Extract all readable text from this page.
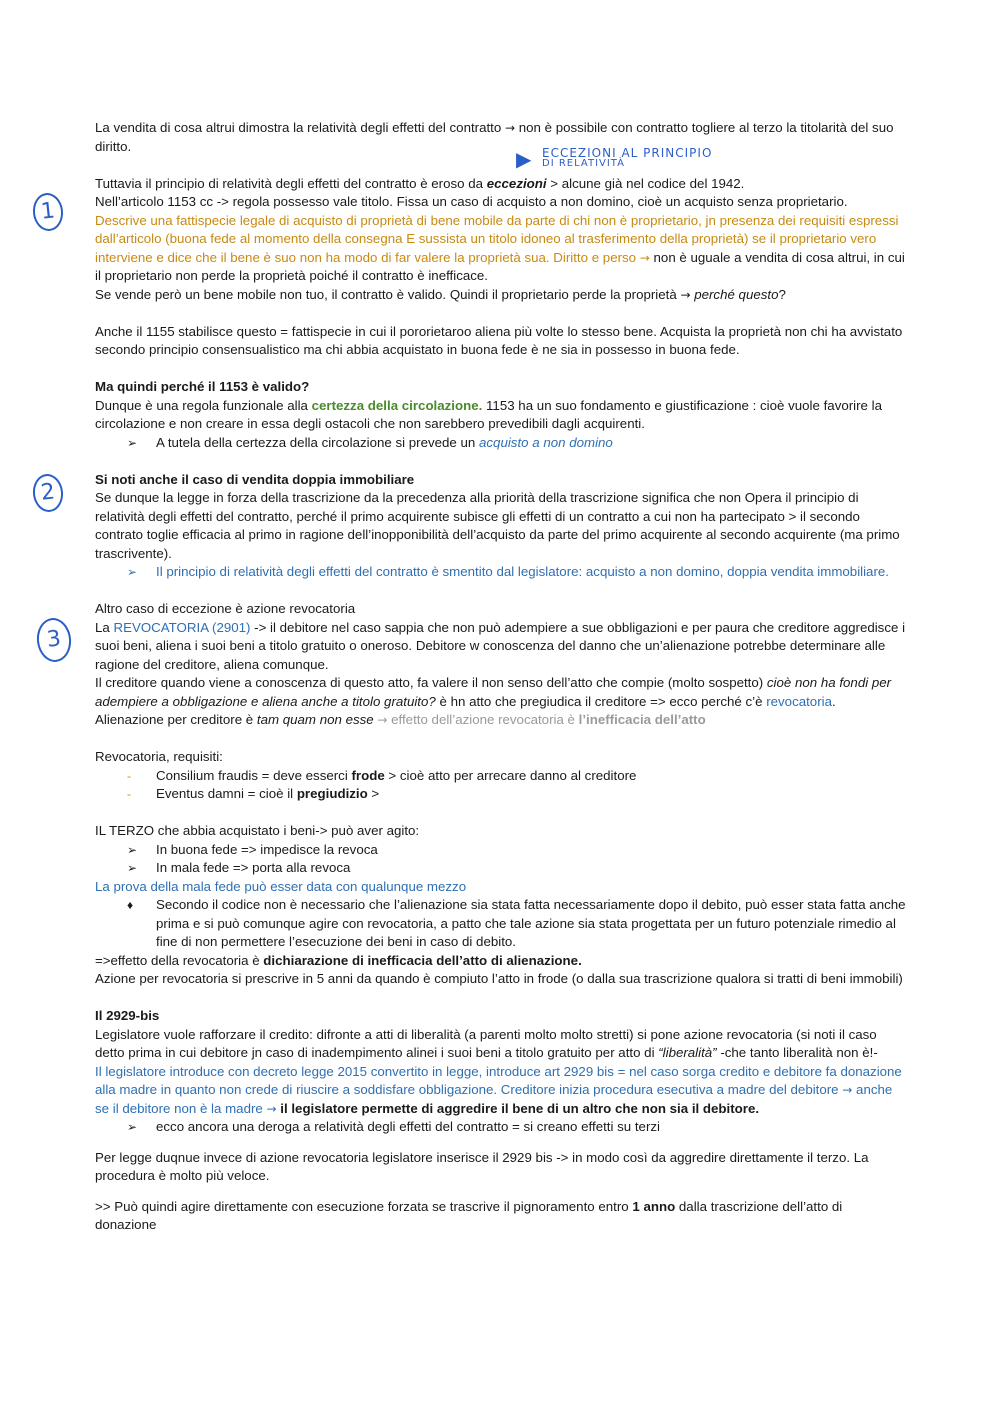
▶ ECCEZIONI AL PRINCIPIO
DI RELATIVITÀ
1
2
3

La vendita di cosa altrui dimostra la relatività degli effetti del contratto → non è possibile con contratto togliere al terzo la titolarità del suo diritto.

Tuttavia il principio di relatività degli effetti del contratto è eroso da eccezioni > alcune già nel codice del 1942.

Nell’articolo 1153 cc -> regola possesso vale titolo. Fissa un caso di acquisto a non domino, cioè un acquisto senza proprietario.

Descrive una fattispecie legale di acquisto di proprietà di bene mobile da parte di chi non è proprietario, jn presenza dei requisiti espressi dall’articolo (buona fede al momento della consegna E sussista un titolo idoneo al trasferimento della proprietà) se il proprietario vero interviene e dice che il bene è suo non ha modo di far valere la proprietà sua. Diritto e perso → non è uguale a vendita di cosa altrui, in cui il proprietario non perde la proprietà poiché il contratto è inefficace.

Se vende però un bene mobile non tuo, il contratto è valido. Quindi il proprietario perde la proprietà → perché questo?

Anche il 1155 stabilisce questo = fattispecie in cui il pororietaroo aliena più volte lo stesso bene. Acquista la proprietà non chi ha avvistato secondo principio consensualistico ma chi abbia acquistato in buona fede è ne sia in possesso in buona fede.

Ma quindi perché il 1153 è valido?

Dunque è una regola funzionale alla certezza della circolazione. 1153 ha un suo fondamento e giustificazione : cioè vuole favorire la circolazione e non creare in essa degli ostacoli che non sarebbero prevedibili dagli acquirenti.

➢ A tutela della certezza della circolazione si prevede un acquisto a non domino

Si noti anche il caso di vendita doppia immobiliare

Se dunque la legge in forza della trascrizione da la precedenza alla priorità della trascrizione significa che non Opera il principio di relatività degli effetti del contratto, perché il primo acquirente subisce gli effetti di un contratto a cui non ha partecipato > il secondo contrato toglie efficacia al primo in ragione dell’inopponibilità dell’acquisto da parte del primo acquirente al secondo acquirente (ma primo trascrivente).

➢ Il principio di relatività degli effetti del contratto è smentito dal legislatore: acquisto a non domino, doppia vendita immobiliare.

Altro caso di eccezione è azione revocatoria

La REVOCATORIA (2901) -> il debitore nel caso sappia che non può adempiere a sue obbligazioni e per paura che creditore aggredisce i suoi beni, aliena i suoi beni a titolo gratuito o oneroso. Debitore w conoscenza del danno che un’alienazione potrebbe determinare alle ragione del creditore, aliena comunque.

Il creditore quando viene a conoscenza di questo atto, fa valere il non senso dell’atto che compie (molto sospetto) cioè non ha fondi per adempiere a obbligazione e aliena anche a titolo gratuito? è hn atto che pregiudica il creditore => ecco perché c’è revocatoria.

Alienazione per creditore è tam quam non esse → effetto dell’azione revocatoria è l’inefficacia dell’atto

Revocatoria, requisiti:

- Consilium fraudis = deve esserci frode > cioè atto per arrecare danno al creditore
- Eventus damni = cioè il pregiudizio >

IL TERZO che abbia acquistato i beni-> può aver agito:

➢ In buona fede => impedisce la revoca
➢ In mala fede => porta alla revoca

La prova della mala fede può esser data con qualunque mezzo

♦ Secondo il codice non è necessario che l’alienazione sia stata fatta necessariamente dopo il debito, può esser stata fatta anche prima e si può comunque agire con revocatoria, a patto che tale azione sia stata progettata per un futuro potenziale rimedio al fine di non permettere l’esecuzione dei beni in caso di debito.

=>effetto della revocatoria è dichiarazione di inefficacia dell’atto di alienazione.

Azione per revocatoria si prescrive in 5 anni da quando è compiuto l’atto in frode (o dalla sua trascrizione qualora si tratti di beni immobili)

Il 2929-bis

Legislatore vuole rafforzare il credito: difronte a atti di liberalità (a parenti molto molto stretti) si pone azione revocatoria (si noti il caso detto prima in cui debitore jn caso di inadempimento alinei i suoi beni a titolo gratuito per atto di “liberalità” -che tanto liberalità non è!-

Il legislatore introduce con decreto legge 2015 convertito in legge, introduce art 2929 bis = nel caso sorga credito e debitore fa donazione alla madre in quanto non crede di riuscire a soddisfare obbligazione. Creditore inizia procedura esecutiva a madre del debitore → anche se il debitore non è la madre → il legislatore permette di aggredire il bene di un altro che non sia il debitore.

➢ ecco ancora una deroga a relatività degli effetti del contratto = si creano effetti su terzi

Per legge duqnue invece di azione revocatoria legislatore inserisce il 2929 bis -> in modo così da aggredire direttamente il terzo. La procedura è molto più veloce.

>> Può quindi agire direttamente con esecuzione forzata se trascrive il pignoramento entro 1 anno dalla trascrizione dell’atto di donazione
